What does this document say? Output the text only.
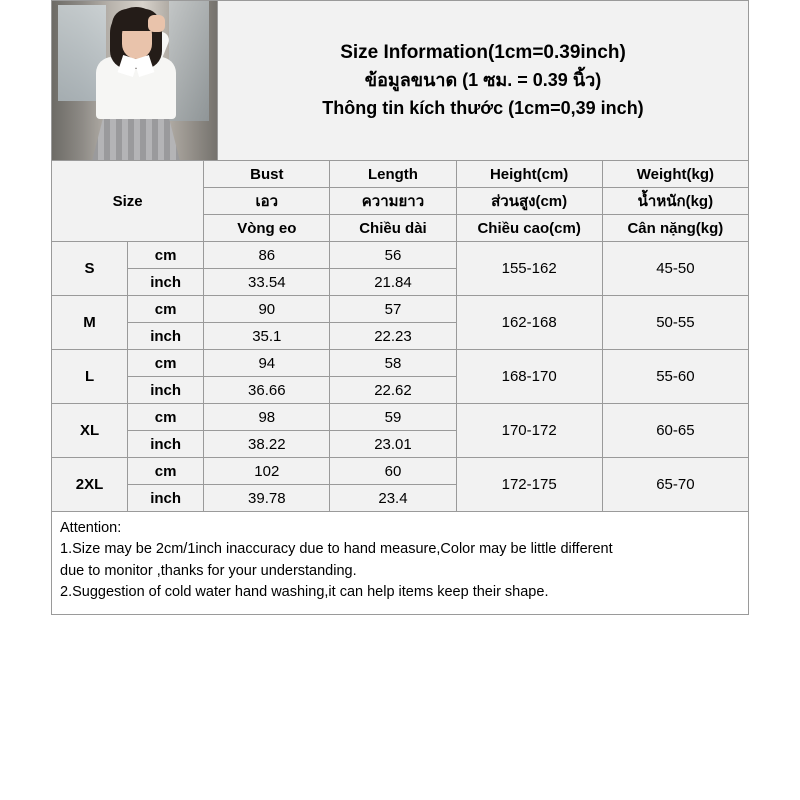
Size Information(1cm=0.39inch)
ข้อมูลขนาด (1 ซม. = 0.39 นิ้ว)
Thông tin kích thước (1cm=0,39 inch)
Size		Bust	Length	Height(cm)	Weight(kg)
		เอว	ความยาว	ส่วนสูง(cm)	น้ำหนัก(kg)
		Vòng eo	Chiều dài	Chiều cao(cm)	Cân nặng(kg)
S	cm	86	56	155-162	45-50
	inch	33.54	21.84		
M	cm	90	57	162-168	50-55
	inch	35.1	22.23		
L	cm	94	58	168-170	55-60
	inch	36.66	22.62		
XL	cm	98	59	170-172	60-65
	inch	38.22	23.01		
2XL	cm	102	60	172-175	65-70
	inch	39.78	23.4		

Attention:

1.Size may be 2cm/1inch inaccuracy due to hand measure,Color may be little different

due to monitor ,thanks for your understanding.

2.Suggestion of cold water hand washing,it can help items keep their shape.
